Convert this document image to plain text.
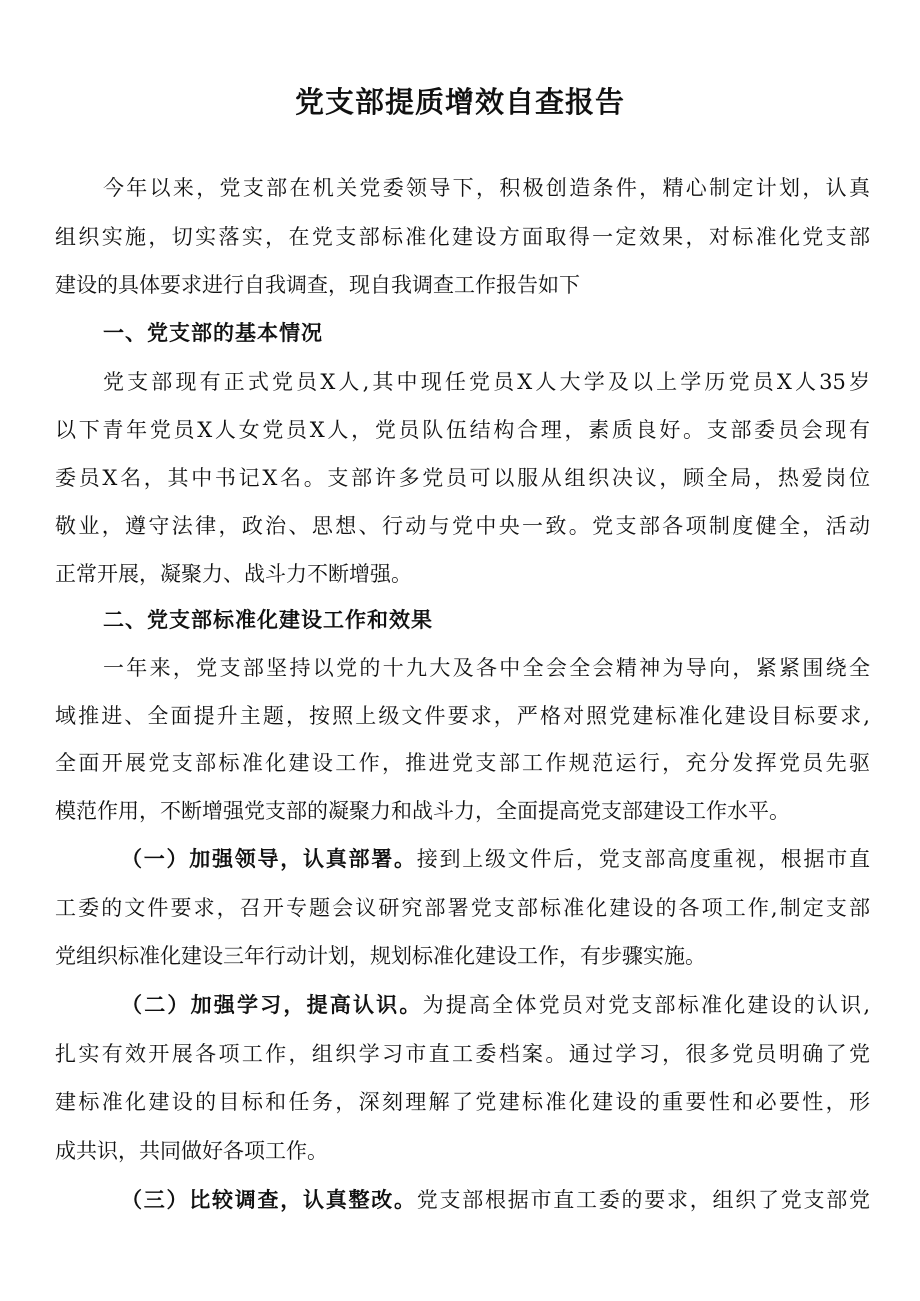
党支部提质增效自查报告
今年以来，党支部在机关党委领导下，积极创造条件，精心制定计划，认真
组织实施，切实落实，在党支部标准化建设方面取得一定效果，对标准化党支部
建设的具体要求进行自我调查，现自我调查工作报告如下
一、党支部的基本情况
党支部现有正式党员X人,其中现任党员X人大学及以上学历党员X人35岁
以下青年党员X人女党员X人，党员队伍结构合理，素质良好。支部委员会现有
委员X名，其中书记X名。支部许多党员可以服从组织决议，顾全局，热爱岗位
敬业，遵守法律，政治、思想、行动与党中央一致。党支部各项制度健全，活动
正常开展，凝聚力、战斗力不断增强。
二、党支部标准化建设工作和效果
一年来，党支部坚持以党的十九大及各中全会全会精神为导向，紧紧围绕全
域推进、全面提升主题，按照上级文件要求，严格对照党建标准化建设目标要求,
全面开展党支部标准化建设工作，推进党支部工作规范运行，充分发挥党员先驱
模范作用，不断增强党支部的凝聚力和战斗力，全面提高党支部建设工作水平。
（一）加强领导，认真部署。接到上级文件后，党支部高度重视，根据市直
工委的文件要求，召开专题会议研究部署党支部标准化建设的各项工作,制定支部
党组织标准化建设三年行动计划，规划标准化建设工作，有步骤实施。
（二）加强学习，提高认识。为提高全体党员对党支部标准化建设的认识,
扎实有效开展各项工作，组织学习市直工委档案。通过学习，很多党员明确了党
建标准化建设的目标和任务，深刻理解了党建标准化建设的重要性和必要性，形
成共识，共同做好各项工作。
（三）比较调查，认真整改。党支部根据市直工委的要求，组织了党支部党
